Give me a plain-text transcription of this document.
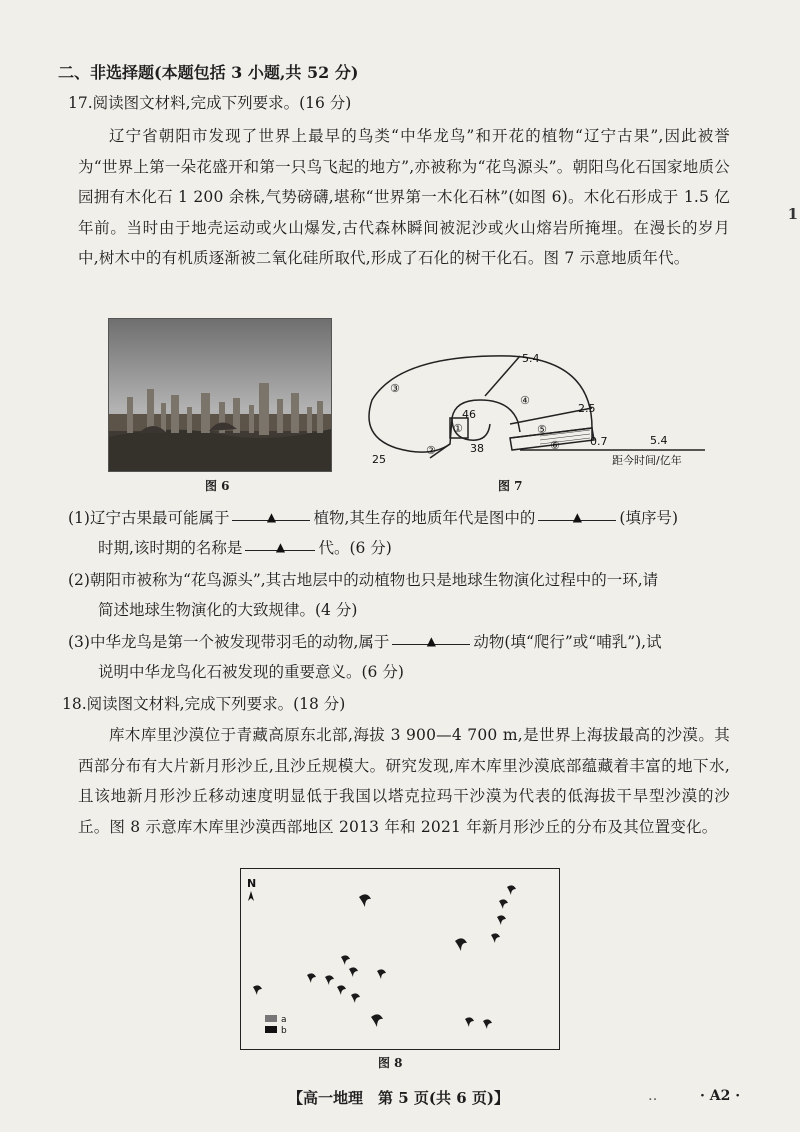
1
二、非选择题(本题包括 3 小题,共 52 分)
17.阅读图文材料,完成下列要求。(16 分)

辽宁省朝阳市发现了世界上最早的鸟类“中华龙鸟”和开花的植物“辽宁古果”,因此被誉为“世界上第一朵花盛开和第一只鸟飞起的地方”,亦被称为“花鸟源头”。朝阳鸟化石国家地质公园拥有木化石 1 200 余株,气势磅礴,堪称“世界第一木化石林”(如图 6)。木化石形成于 1.5 亿年前。当时由于地壳运动或火山爆发,古代森林瞬间被泥沙或火山熔岩所掩埋。在漫长的岁月中,树木中的有机质逐渐被二氧化硅所取代,形成了石化的树干化石。图 7 示意地质年代。

图 6
③
④
⑤
⑥
①
②
5.4
2.5
0.7
46
38
25
5.4
距今时间/亿年
图 7
(1)辽宁古果最可能属于	▲ 植物,其生存的地质年代是图中的	▲ (填序号)
时期,该时期的名称是	▲ 代。(6 分)
(2)朝阳市被称为“花鸟源头”,其古地层中的动植物也只是地球生物演化过程中的一环,请
简述地球生物演化的大致规律。(4 分)
(3)中华龙鸟是第一个被发现带羽毛的动物,属于	▲ 动物(填“爬行”或“哺乳”),试
说明中华龙鸟化石被发现的重要意义。(6 分)
18.阅读图文材料,完成下列要求。(18 分)

库木库里沙漠位于青藏高原东北部,海拔 3 900—4 700 m,是世界上海拔最高的沙漠。其西部分布有大片新月形沙丘,且沙丘规模大。研究发现,库木库里沙漠底部蕴藏着丰富的地下水,且该地新月形沙丘移动速度明显低于我国以塔克拉玛干沙漠为代表的低海拔干旱型沙漠的沙丘。图 8 示意库木库里沙漠西部地区 2013 年和 2021 年新月形沙丘的分布及其位置变化。

N
a
b
图 8
【高一地理　第 5 页(共 6 页)】	‥	· A2 ·
